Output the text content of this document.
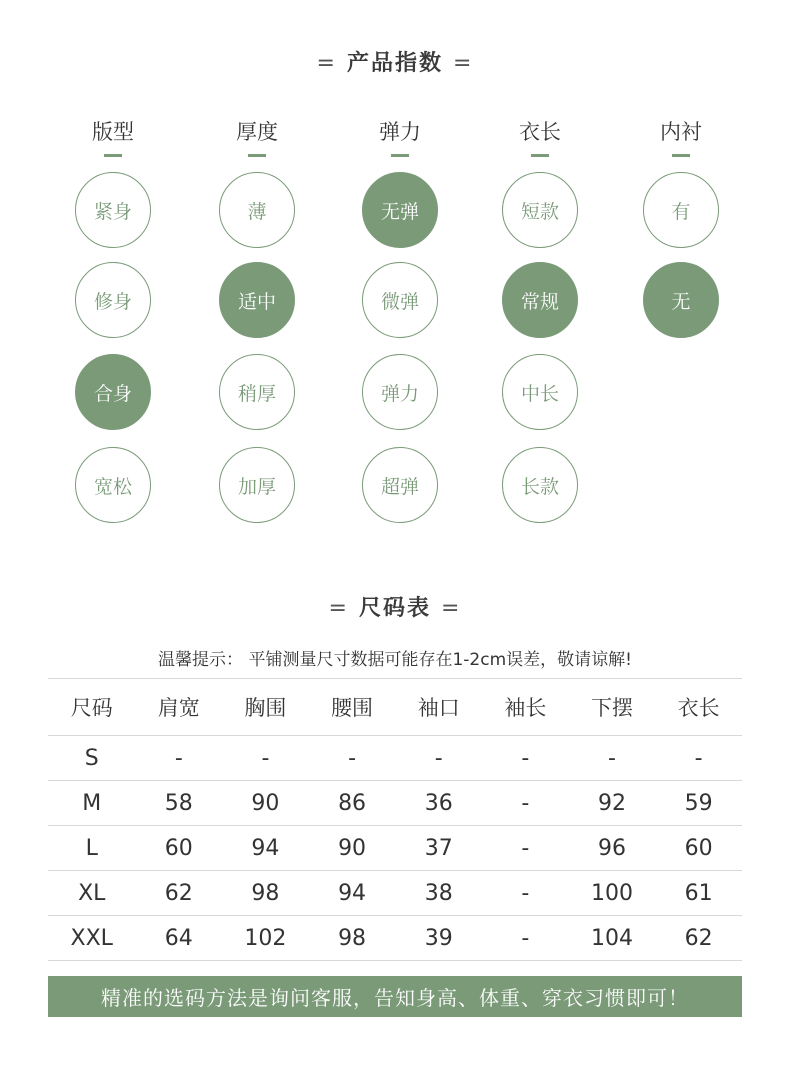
= 产品指数 =
版型
紧身
修身
合身
宽松
厚度
薄
适中
稍厚
加厚
弹力
无弹
微弹
弹力
超弹
衣长
短款
常规
中长
长款
内衬
有
无
= 尺码表 =
温馨提示： 平铺测量尺寸数据可能存在1-2cm误差，敬请谅解!
尺码	肩宽	胸围	腰围	袖口	袖长	下摆	衣长
S	-	-	-	-	-	-	-
M	58	90	86	36	-	92	59
L	60	94	90	37	-	96	60
XL	62	98	94	38	-	100	61
XXL	64	102	98	39	-	104	62
精准的选码方法是询问客服，告知身高、体重、穿衣习惯即可！
